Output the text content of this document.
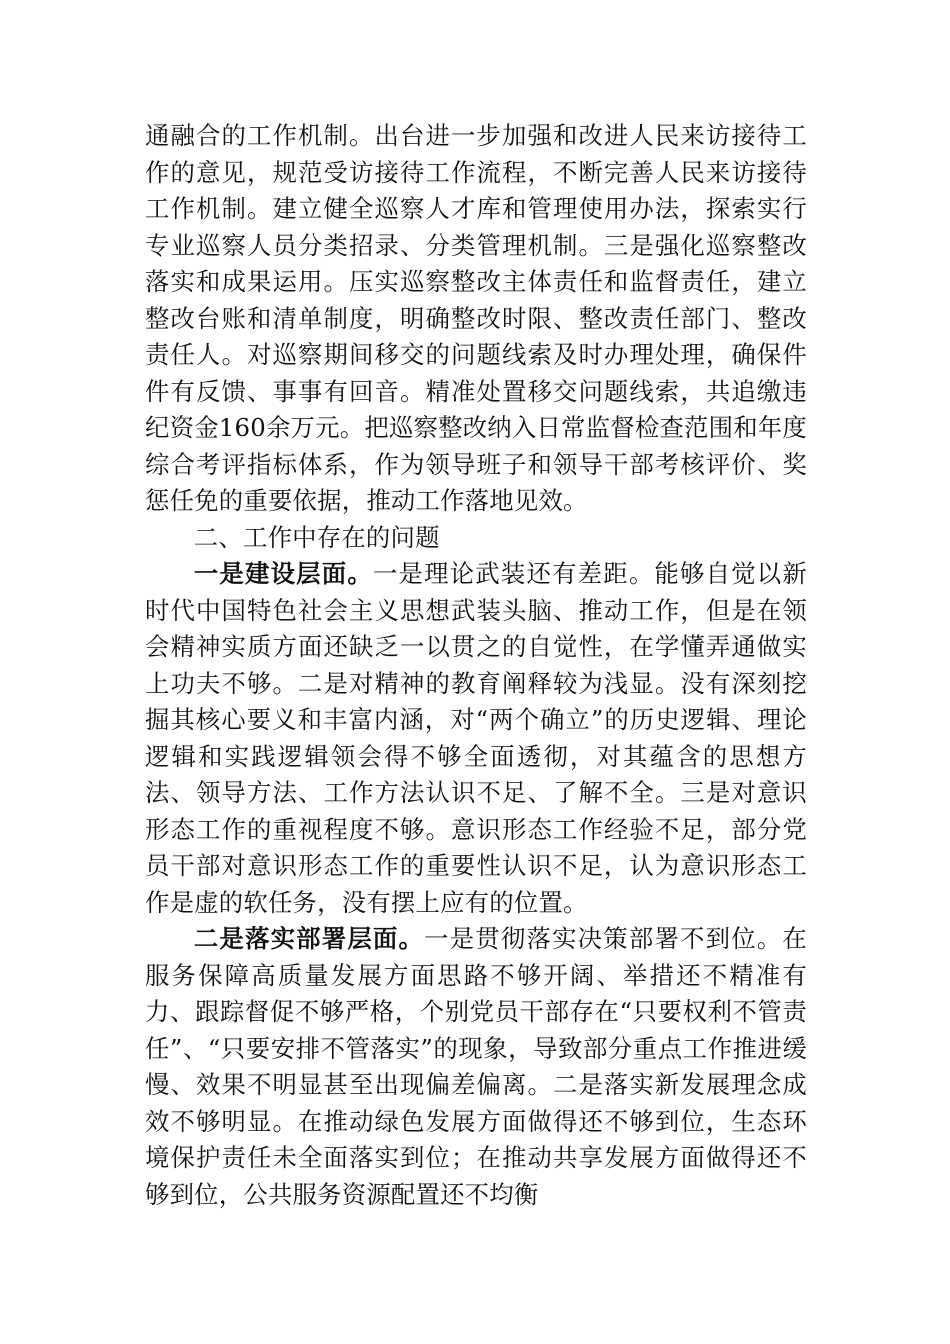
通融合的工作机制。出台进一步加强和改进人民来访接待工作的意见，规范受访接待工作流程，不断完善人民来访接待工作机制。建立健全巡察人才库和管理使用办法，探索实行专业巡察人员分类招录、分类管理机制。三是强化巡察整改落实和成果运用。压实巡察整改主体责任和监督责任，建立整改台账和清单制度，明确整改时限、整改责任部门、整改责任人。对巡察期间移交的问题线索及时办理处理，确保件件有反馈、事事有回音。精准处置移交问题线索，共追缴违纪资金160余万元。把巡察整改纳入日常监督检查范围和年度综合考评指标体系，作为领导班子和领导干部考核评价、奖惩任免的重要依据，推动工作落地见效。

二、工作中存在的问题

一是建设层面。一是理论武装还有差距。能够自觉以新时代中国特色社会主义思想武装头脑、推动工作，但是在领会精神实质方面还缺乏一以贯之的自觉性，在学懂弄通做实上功夫不够。二是对精神的教育阐释较为浅显。没有深刻挖掘其核心要义和丰富内涵，对“两个确立”的历史逻辑、理论逻辑和实践逻辑领会得不够全面透彻，对其蕴含的思想方法、领导方法、工作方法认识不足、了解不全。三是对意识形态工作的重视程度不够。意识形态工作经验不足，部分党员干部对意识形态工作的重要性认识不足，认为意识形态工作是虚的软任务，没有摆上应有的位置。

二是落实部署层面。一是贯彻落实决策部署不到位。在服务保障高质量发展方面思路不够开阔、举措还不精准有力、跟踪督促不够严格，个别党员干部存在“只要权利不管责任”、“只要安排不管落实”的现象，导致部分重点工作推进缓慢、效果不明显甚至出现偏差偏离。二是落实新发展理念成效不够明显。在推动绿色发展方面做得还不够到位，生态环境保护责任未全面落实到位；在推动共享发展方面做得还不够到位，公共服务资源配置还不均衡
